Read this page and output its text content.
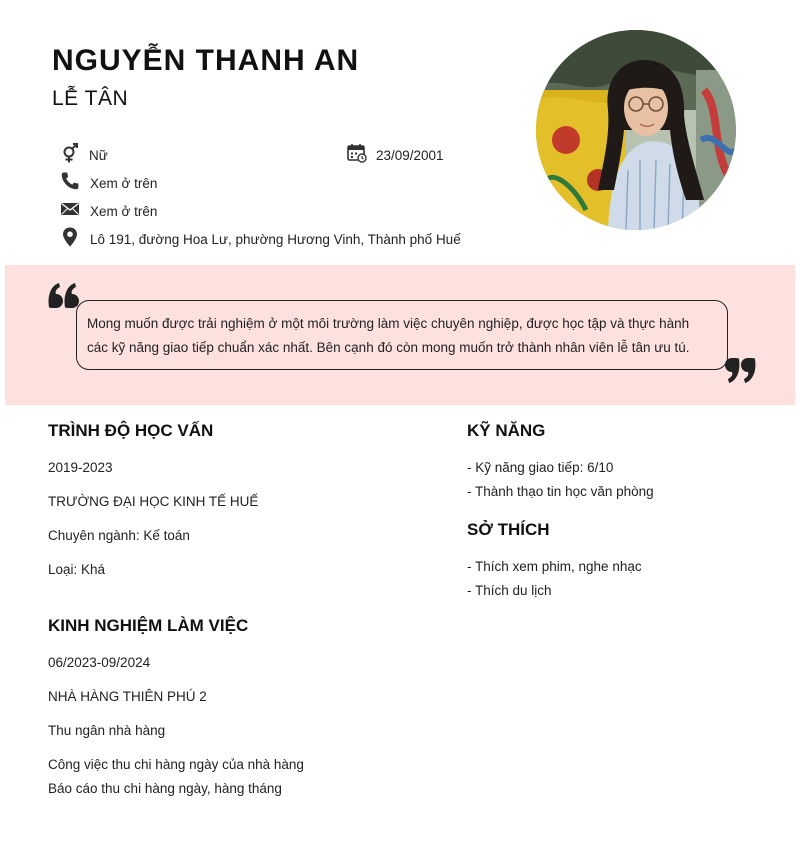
NGUYỄN THANH AN
LỄ TÂN
Nữ	23/09/2001
Xem ở trên
Xem ở trên
Lô 191, đường Hoa Lư, phường Hương Vinh, Thành phố Huế
Mong muốn được trải nghiệm ở một môi trường làm việc chuyên nghiệp, được học tập và thực hành
các kỹ năng giao tiếp chuẩn xác nhất. Bên cạnh đó còn mong muốn trở thành nhân viên lễ tân ưu tú.
TRÌNH ĐỘ HỌC VẤN
2019-2023
TRƯỜNG ĐẠI HỌC KINH TẾ HUẾ
Chuyên ngành: Kế toán
Loại: Khá
KINH NGHIỆM LÀM VIỆC
06/2023-09/2024
NHÀ HÀNG THIÊN PHÚ 2
Thu ngân nhà hàng
Công việc thu chi hàng ngày của nhà hàng
Báo cáo thu chi hàng ngày, hàng tháng
KỸ NĂNG
- Kỹ năng giao tiếp: 6/10
- Thành thạo tin học văn phòng
SỞ THÍCH
- Thích xem phim, nghe nhạc
- Thích du lịch
